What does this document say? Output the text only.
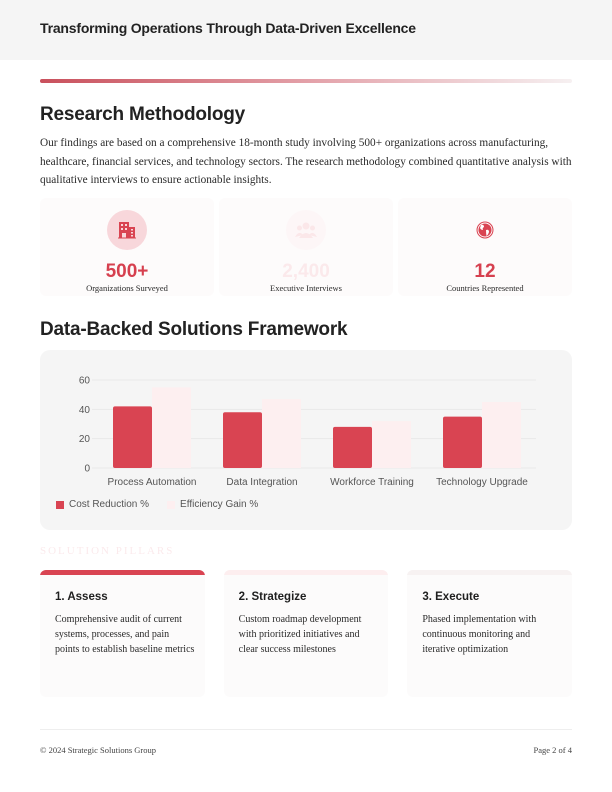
Transforming Operations Through Data-Driven Excellence
Research Methodology

Our findings are based on a comprehensive 18-month study involving 500+ organizations across manufacturing, healthcare, financial services, and technology sectors. The research methodology combined quantitative analysis with qualitative interviews to ensure actionable insights.

500+
Organizations Surveyed
2,400
Executive Interviews
12
Countries Represented
Data-Backed Solutions Framework
0
20
40
60
Process Automation	Data Integration	Workforce Training Technology Upgrade
Cost Reduction %	Efficiency Gain %
SOLUTION PILLARS
1. Assess
Comprehensive audit of current systems, processes, and pain points to establish baseline metrics
2. Strategize
Custom roadmap development with prioritized initiatives and clear success milestones
3. Execute
Phased implementation with continuous monitoring and iterative optimization
© 2024 Strategic Solutions Group	Page 2 of 4
